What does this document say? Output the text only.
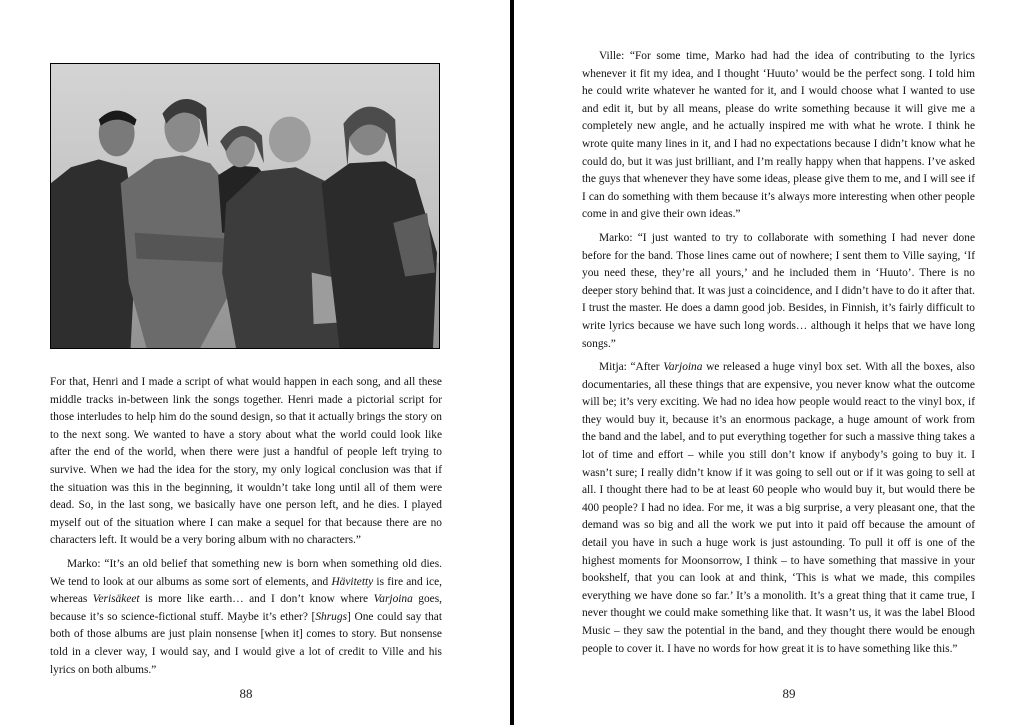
For that, Henri and I made a script of what would happen in each song, and all these middle tracks in-between link the songs together. Henri made a pictorial script for those interludes to help him do the sound design, so that it actually brings the story on to the next song. We wanted to have a story about what the world could look like after the end of the world, when there were just a handful of people left trying to survive. When we had the idea for the story, my only logical conclusion was that if the situation was this in the beginning, it wouldn’t take long until all of them were dead. So, in the last song, we basically have one person left, and he dies. I played myself out of the situation where I can make a sequel for that because there are no characters left. It would be a very boring album with no characters.”

Marko: “It’s an old belief that something new is born when something old dies. We tend to look at our albums as some sort of elements, and Hävitetty is fire and ice, whereas Verisäkeet is more like earth… and I don’t know where Varjoina goes, because it’s so science-fictional stuff. Maybe it’s ether? [Shrugs] One could say that both of those albums are just plain nonsense [when it] comes to story. But nonsense told in a clever way, I would say, and I would give a lot of credit to Ville and his lyrics on both albums.”

88

Ville: “For some time, Marko had had the idea of contributing to the lyrics whenever it fit my idea, and I thought ‘Huuto’ would be the perfect song. I told him he could write whatever he wanted for it, and I would choose what I wanted to use and edit it, but by all means, please do write something because it will give me a completely new angle, and he actually inspired me with what he wrote. I think he wrote quite many lines in it, and I had no expectations because I didn’t know what he could do, but it was just brilliant, and I’m really happy when that happens. I’ve asked the guys that whenever they have some ideas, please give them to me, and I will see if I can do something with them because it’s always more interesting when other people come in and give their own ideas.”

Marko: “I just wanted to try to collaborate with something I had never done before for the band. Those lines came out of nowhere; I sent them to Ville saying, ‘If you need these, they’re all yours,’ and he included them in ‘Huuto’. There is no deeper story behind that. It was just a coincidence, and I didn’t have to do it after that. I trust the master. He does a damn good job. Besides, in Finnish, it’s fairly difficult to write lyrics because we have such long words… although it helps that we have long songs.”

Mitja: “After Varjoina we released a huge vinyl box set. With all the boxes, also documentaries, all these things that are expensive, you never know what the outcome will be; it’s very exciting. We had no idea how people would react to the vinyl box, if they would buy it, because it’s an enormous package, a huge amount of work from the band and the label, and to put everything together for such a massive thing takes a lot of time and effort – while you still don’t know if anybody’s going to buy it. I wasn’t sure; I really didn’t know if it was going to sell out or if it was going to sell at all. I thought there had to be at least 60 people who would buy it, but would there be 400 people? I had no idea. For me, it was a big surprise, a very pleasant one, that the demand was so big and all the work we put into it paid off because the amount of detail you have in such a huge work is just astounding. To pull it off is one of the highest moments for Moonsorrow, I think – to have something that massive in your bookshelf, that you can look at and think, ‘This is what we made, this compiles everything we have done so far.’ It’s a monolith. It’s a great thing that it came true, I never thought we could make something like that. It wasn’t us, it was the label Blood Music – they saw the potential in the band, and they thought there would be enough people to cover it. I have no words for how great it is to have something like this.”

89
